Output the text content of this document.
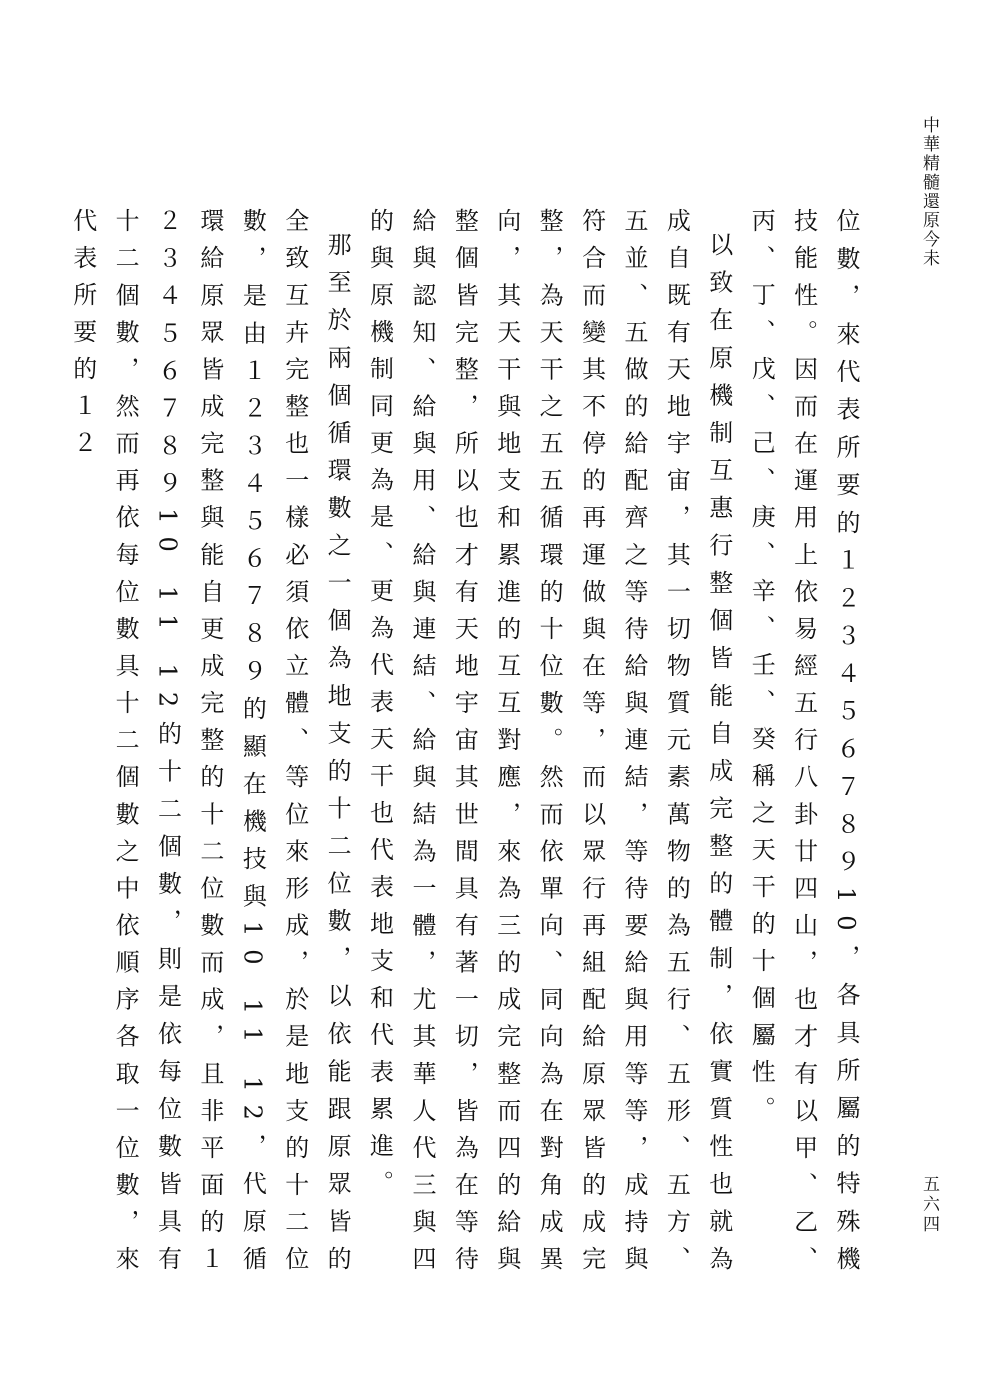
中華精髓還原今未

位數，來代表所要的１２３４５６７８９10，各具所屬的特殊機技能性。因而在運用上依易經五行八卦廿四山，也才有以甲、乙、丙、丁、戊、己、庚、辛、壬、癸稱之天干的十個屬性。

以致在原機制互惠行整個皆能自成完整的體制，依實質性也就為成自既有天地宇宙，其一切物質元素萬物的為五行、五形、五方、五並、五做的給配齊之等待給與連結，等待要給與用等等，成持與符合而變其不停的再運做與在等，而以眾行再組配給原眾皆的成完整，為天干之五五循環的十位數。然而依單向、同向為在對角成異向，其天干與地支和累進的互互對應，來為三的成完整而四的給與整個皆完整，所以也才有天地宇宙其世間具有著一切，皆為在等待給與認知、給與用、給與連結、給與結為一體，尤其華人代三與四的與原機制同更為是、更為代表天干也代表地支和代表累進。

那至於兩個循環數之一個為地支的十二位數，以依能跟原眾皆的全致互卉完整也一樣必須依立體、等位來形成，於是地支的十二位數，是由１２３４５６７８９的顯在機技與10 11 12，代原循環給原眾皆成完整與能自更成完整的十二位數而成，且非平面的１２３４５６７８９10 11 12的十二個數，則是依每位數皆具有十二個數，然而再依每位數具十二個數之中依順序各取一位數，來代表所要的１２

五六四
